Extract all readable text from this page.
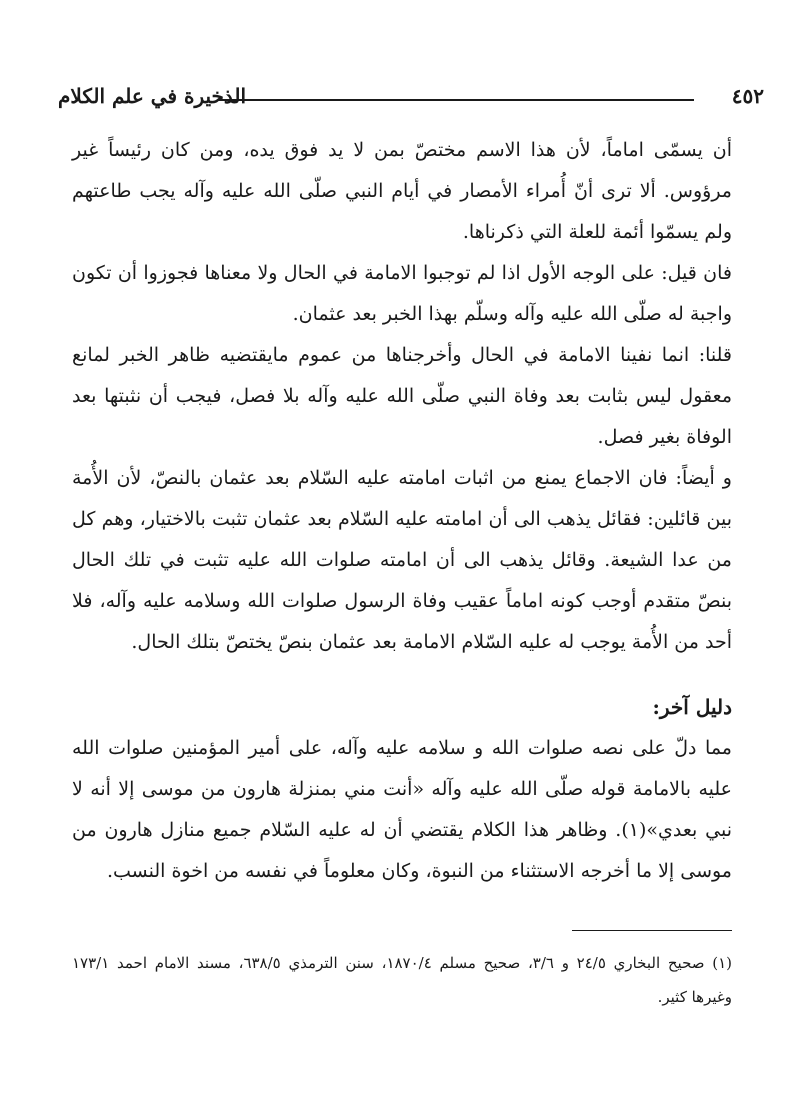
الذخيرة في علم الكلام	٤٥٢

أن يسمّى اماماً، لأن هذا الاسم مختصّ بمن لا يد فوق يده، ومن كان رئيساً غير مرؤوس. ألا ترى أنّ أُمراء الأمصار في أيام النبي صلّى الله عليه وآله يجب طاعتهم ولم يسمّوا أئمة للعلة التي ذكرناها.

فان قيل: على الوجه الأول اذا لم توجبوا الامامة في الحال ولا معناها فجوزوا أن تكون واجبة له صلّى الله عليه وآله وسلّم بهذا الخبر بعد عثمان.

قلنا: انما نفينا الامامة في الحال وأخرجناها من عموم مايقتضيه ظاهر الخبر لمانع معقول ليس بثابت بعد وفاة النبي صلّى الله عليه وآله بلا فصل، فيجب أن نثبتها بعد الوفاة بغير فصل.

و أيضاً: فان الاجماع يمنع من اثبات امامته عليه السّلام بعد عثمان بالنصّ، لأن الأُمة بين قائلين: فقائل يذهب الى أن امامته عليه السّلام بعد عثمان تثبت بالاختيار، وهم كل من عدا الشيعة. وقائل يذهب الى أن امامته صلوات الله عليه تثبت في تلك الحال بنصّ متقدم أوجب كونه اماماً عقيب وفاة الرسول صلوات الله وسلامه عليه وآله، فلا أحد من الأُمة يوجب له عليه السّلام الامامة بعد عثمان بنصّ يختصّ بتلك الحال.

دليل آخر:

مما دلّ على نصه صلوات الله و سلامه عليه وآله، على أمير المؤمنين صلوات الله عليه بالامامة قوله صلّى الله عليه وآله «أنت مني بمنزلة هارون من موسى إلا أنه لا نبي بعدي»(١). وظاهر هذا الكلام يقتضي أن له عليه السّلام جميع منازل هارون من موسى إلا ما أخرجه الاستثناء من النبوة، وكان معلوماً في نفسه من اخوة النسب.

(١) صحيح البخاري ٢٤/٥ و ٣/٦، صحيح مسلم ١٨٧٠/٤، سنن الترمذي ٦٣٨/٥، مسند الامام احمد ١٧٣/١ وغيرها كثير.
